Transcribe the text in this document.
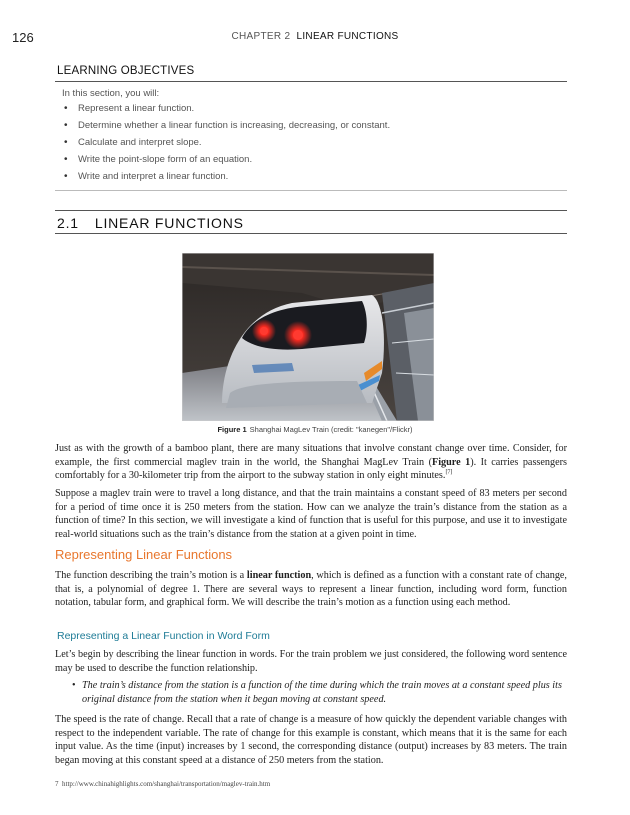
126	CHAPTER 2 LINEAR FUNCTIONS
LEARNING OBJECTIVES
In this section, you will:
• Represent a linear function.
• Determine whether a linear function is increasing, decreasing, or constant.
• Calculate and interpret slope.
• Write the point-slope form of an equation.
• Write and interpret a linear function.
2.1 LINEAR FUNCTIONS
Figure 1 Shanghai MagLev Train (credit: "kanegen"/Flickr)

Just as with the growth of a bamboo plant, there are many situations that involve constant change over time. Consider, for example, the first commercial maglev train in the world, the Shanghai MagLev Train (Figure 1). It carries passengers comfortably for a 30-kilometer trip from the airport to the subway station in only eight minutes.[7]

Suppose a maglev train were to travel a long distance, and that the train maintains a constant speed of 83 meters per second for a period of time once it is 250 meters from the station. How can we analyze the train’s distance from the station as a function of time? In this section, we will investigate a kind of function that is useful for this purpose, and use it to investigate real-world situations such as the train’s distance from the station at a given point in time.

Representing Linear Functions

The function describing the train’s motion is a linear function, which is defined as a function with a constant rate of change, that is, a polynomial of degree 1. There are several ways to represent a linear function, including word form, function notation, tabular form, and graphical form. We will describe the train’s motion as a function using each method.

Representing a Linear Function in Word Form

Let’s begin by describing the linear function in words. For the train problem we just considered, the following word sentence may be used to describe the function relationship.

• The train’s distance from the station is a function of the time during which the train moves at a constant speed plus its original distance from the station when it began moving at constant speed.

The speed is the rate of change. Recall that a rate of change is a measure of how quickly the dependent variable changes with respect to the independent variable. The rate of change for this example is constant, which means that it is the same for each input value. As the time (input) increases by 1 second, the corresponding distance (output) increases by 83 meters. The train began moving at this constant speed at a distance of 250 meters from the station.

7 http://www.chinahighlights.com/shanghai/transportation/maglev-train.htm
